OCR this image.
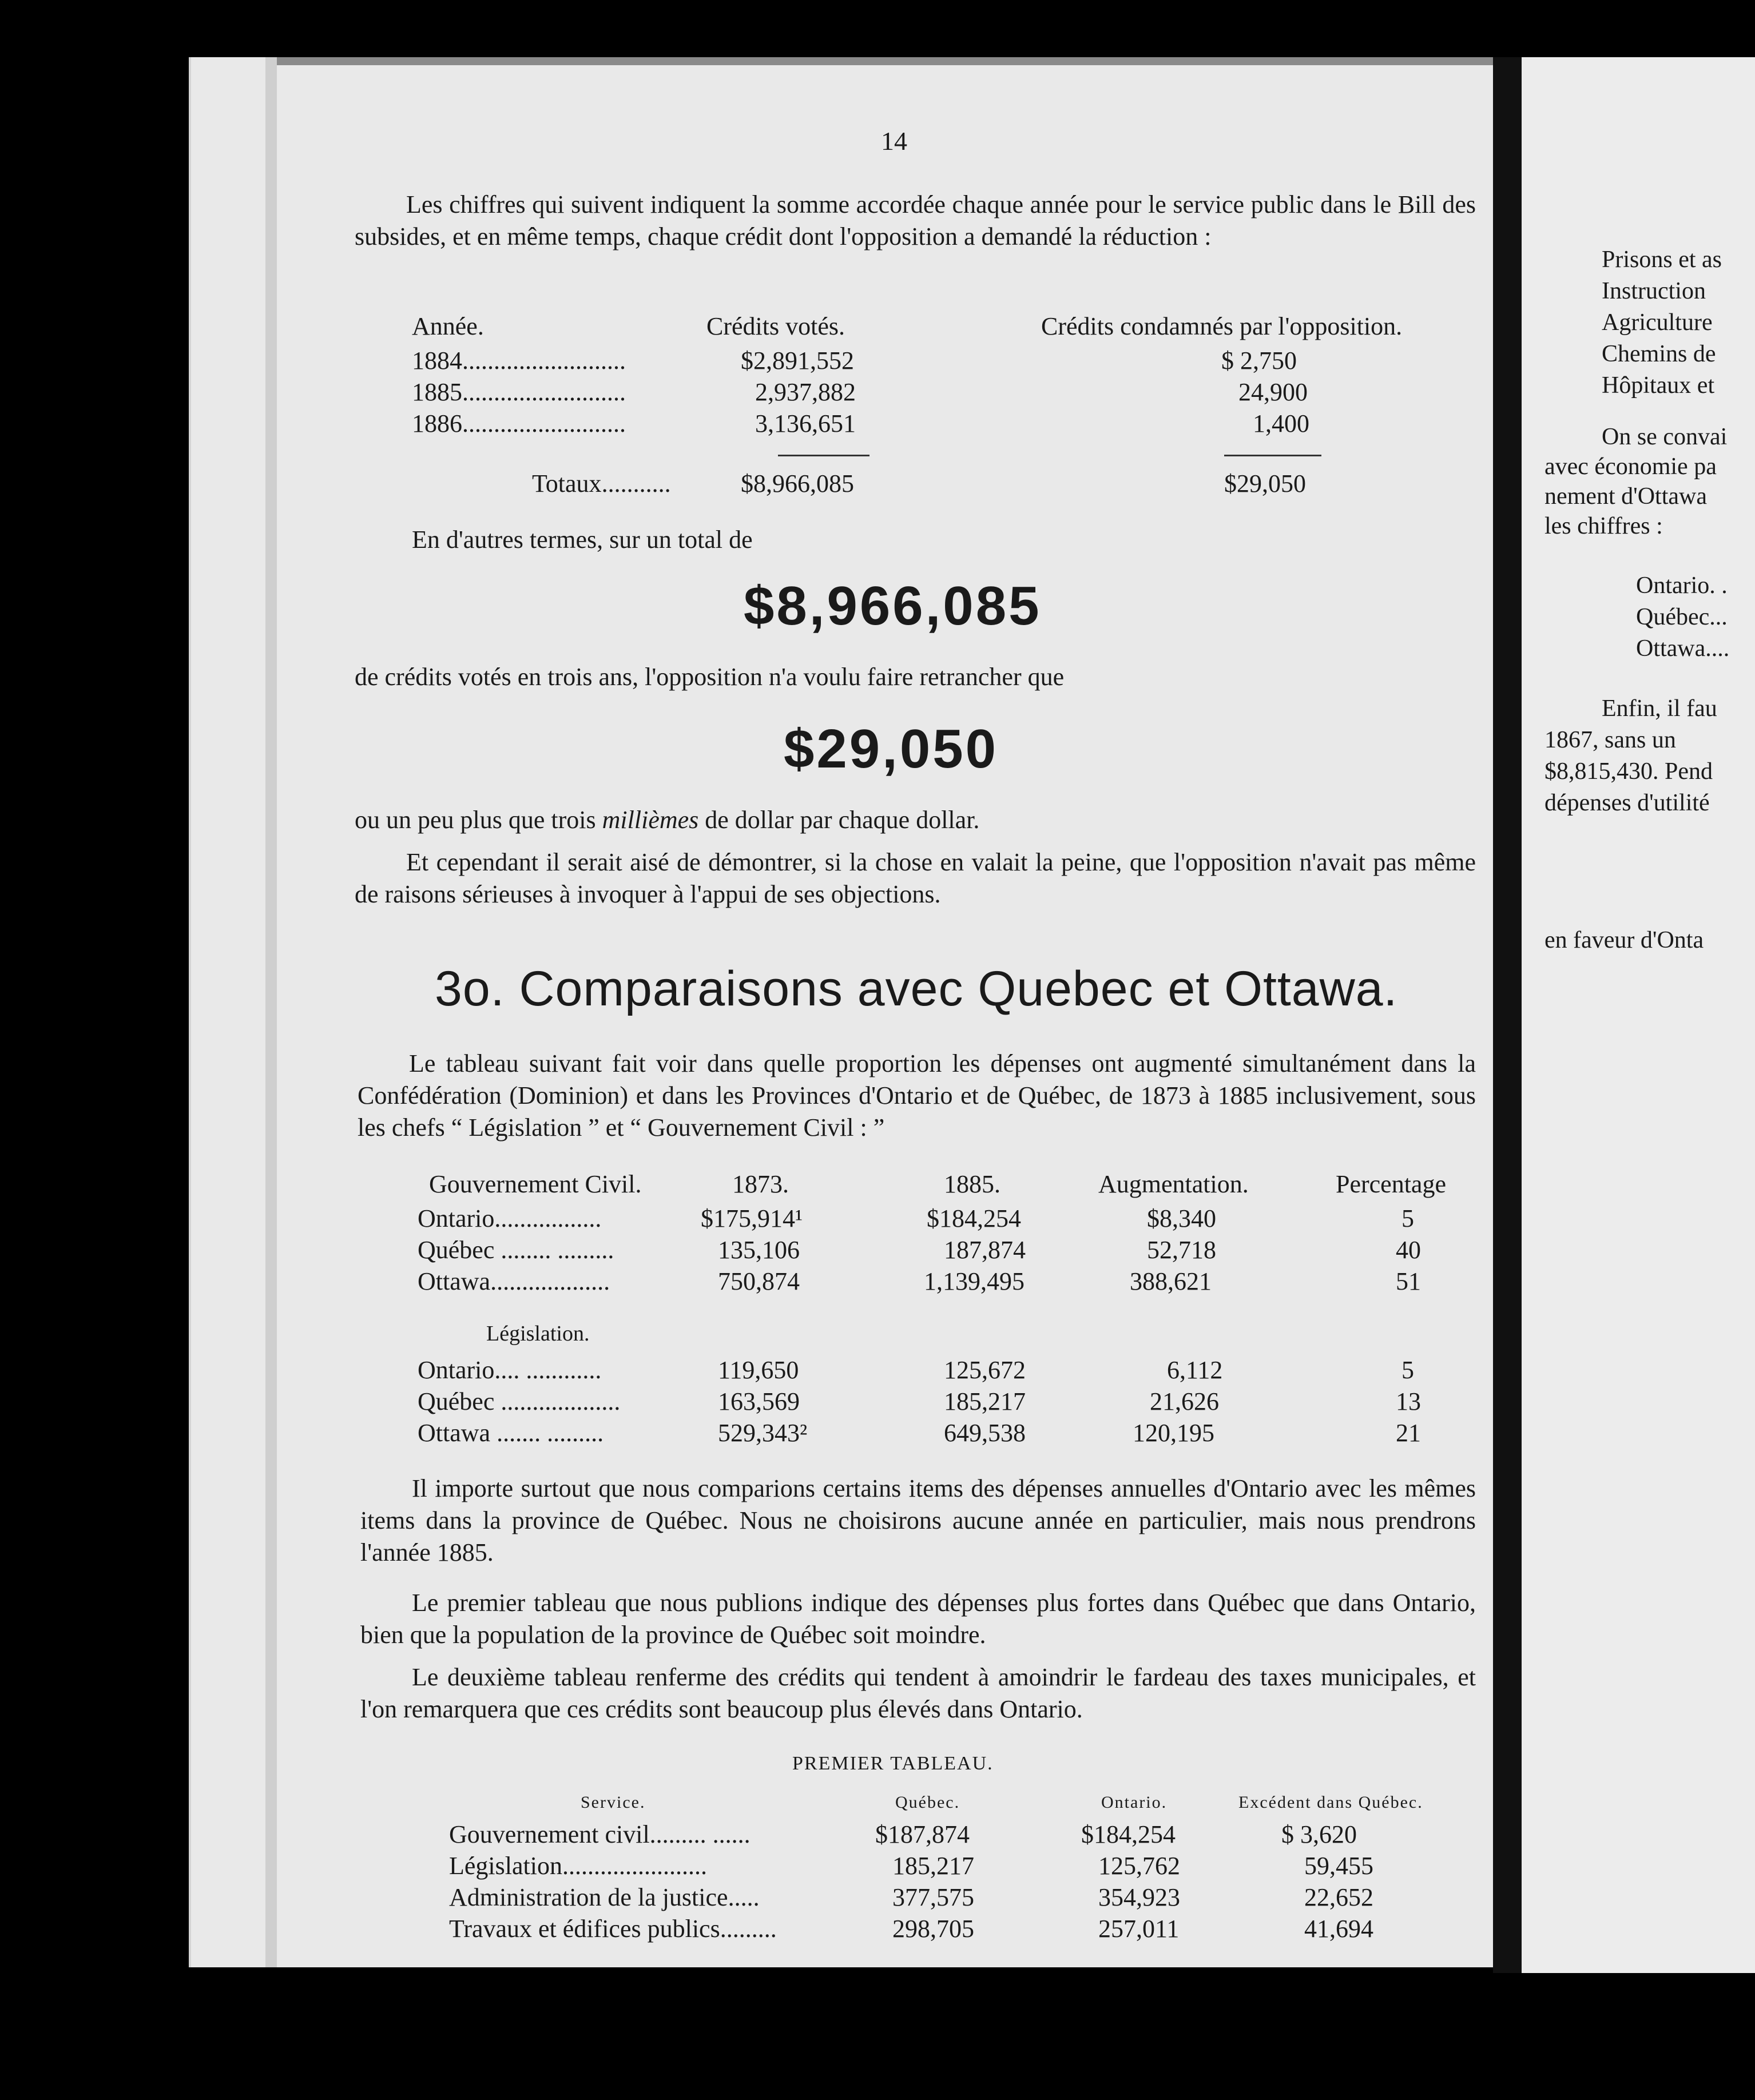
Prisons et as
Instruction
Agriculture
Chemins de
Hôpitaux et
On se convai
avec économie pa
nement d'Ottawa
les chiffres :
Ontario. .
Québec...
Ottawa....
Enfin, il fau
1867, sans un
$8,815,430. Pend
dépenses d'utilité
en faveur d'Onta
14
Les chiffres qui suivent indiquent la somme accordée chaque année pour le service public dans le Bill des subsides, et en même temps, chaque crédit dont l'opposition a demandé la réduction :
Année.	Crédits votés.	Crédits condamnés par l'opposition.
1884..........................	$2,891,552	$ 2,750
1885..........................	2,937,882	24,900
1886..........................	3,136,651	1,400
Totaux...........	$8,966,085	$29,050
En d'autres termes, sur un total de
$8,966,085
de crédits votés en trois ans, l'opposition n'a voulu faire retrancher que
$29,050
ou un peu plus que trois millièmes de dollar par chaque dollar.
Et cependant il serait aisé de démontrer, si la chose en valait la peine, que l'opposition n'avait pas même de raisons sérieuses à invoquer à l'appui de ses objections.
3o. Comparaisons avec Quebec et Ottawa.
Le tableau suivant fait voir dans quelle proportion les dépenses ont augmenté simultanément dans la Confédération (Dominion) et dans les Provinces d'Ontario et de Québec, de 1873 à 1885 inclusivement, sous les chefs “ Législation ” et “ Gouvernement Civil : ”
Gouvernement Civil.	1873.	1885.	Augmentation.	Percentage
Ontario.................	$175,914¹	$184,254	$8,340	5
Québec ........ .........	135,106	187,874	52,718	40
Ottawa...................	750,874	1,139,495	388,621	51
Législation.
Ontario.... ............	119,650	125,672	6,112	5
Québec ...................	163,569	185,217	21,626	13
Ottawa ....... .........	529,343²	649,538	120,195	21
Il importe surtout que nous comparions certains items des dépenses annuelles d'Ontario avec les mêmes items dans la province de Québec. Nous ne choisirons aucune année en particulier, mais nous prendrons l'année 1885.
Le premier tableau que nous publions indique des dépenses plus fortes dans Québec que dans Ontario, bien que la population de la province de Québec soit moindre.
Le deuxième tableau renferme des crédits qui tendent à amoindrir le fardeau des taxes municipales, et l'on remarquera que ces crédits sont beaucoup plus élevés dans Ontario.
PREMIER TABLEAU.
Service.	Québec.	Ontario.	Excédent dans Québec.
Gouvernement civil......... ......	$187,874	$184,254	$ 3,620
Législation.......................	185,217	125,762	59,455
Administration de la justice.....	377,575	354,923	22,652
Travaux et édifices publics.........	298,705	257,011	41,694
